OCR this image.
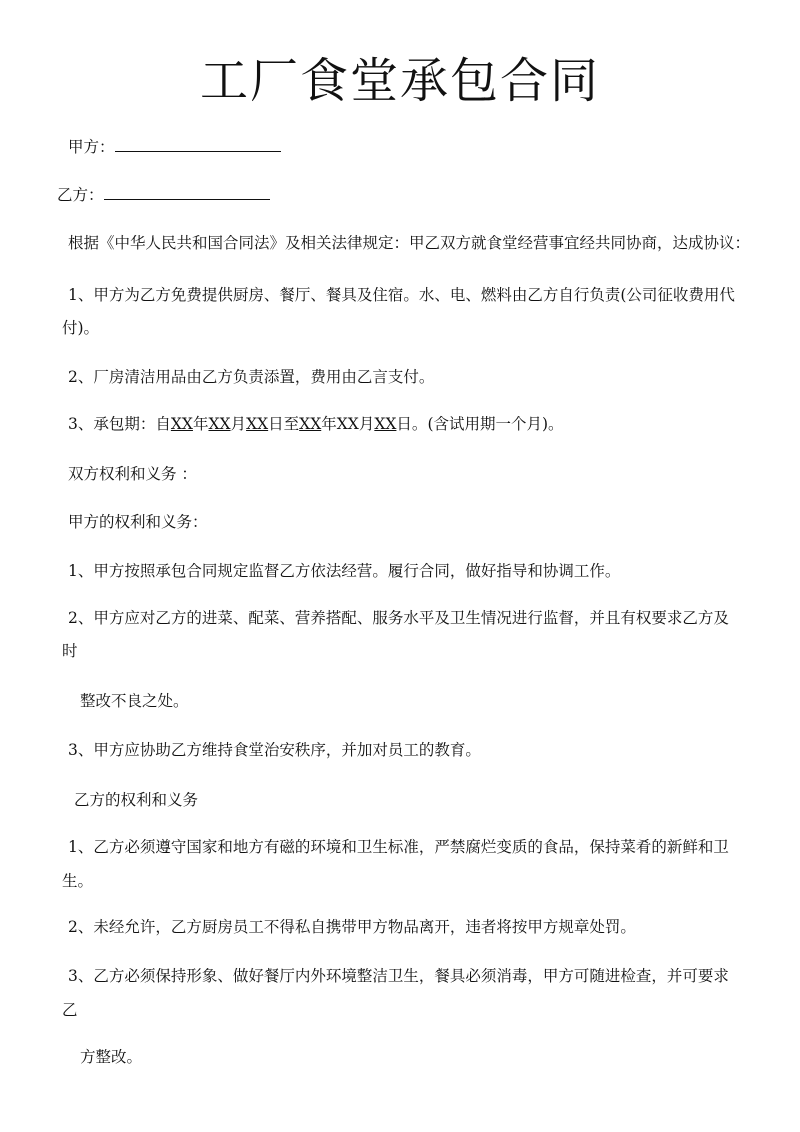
工厂食堂承包合同
甲方：
乙方：
根据《中华人民共和国合同法》及相关法律规定：甲乙双方就食堂经营事宜经共同协商，达成协议：
1、甲方为乙方免费提供厨房、餐厅、餐具及住宿。水、电、燃料由乙方自行负责(公司征收费用代
付)。
2、厂房清洁用品由乙方负责添置，费用由乙言支付。
3、承包期：自XX年XX月XX日至XX年XX月XX日。(含试用期一个月)。
双方权利和义务 ：
甲方的权利和义务：
1、甲方按照承包合同规定监督乙方依法经营。履行合同，做好指导和协调工作。
2、甲方应对乙方的进菜、配菜、营养搭配、服务水平及卫生情况进行监督，并且有权要求乙方及
时
整改不良之处。
3、甲方应协助乙方维持食堂治安秩序，并加对员工的教育。
乙方的权利和义务
1、乙方必须遵守国家和地方有磁的环境和卫生标准，严禁腐烂变质的食品，保持菜肴的新鲜和卫
生。
2、未经允许，乙方厨房员工不得私自携带甲方物品离开，违者将按甲方规章处罚。
3、乙方必须保持形象、做好餐厅内外环境整洁卫生，餐具必须消毒，甲方可随进检查，并可要求
乙
方整改。
